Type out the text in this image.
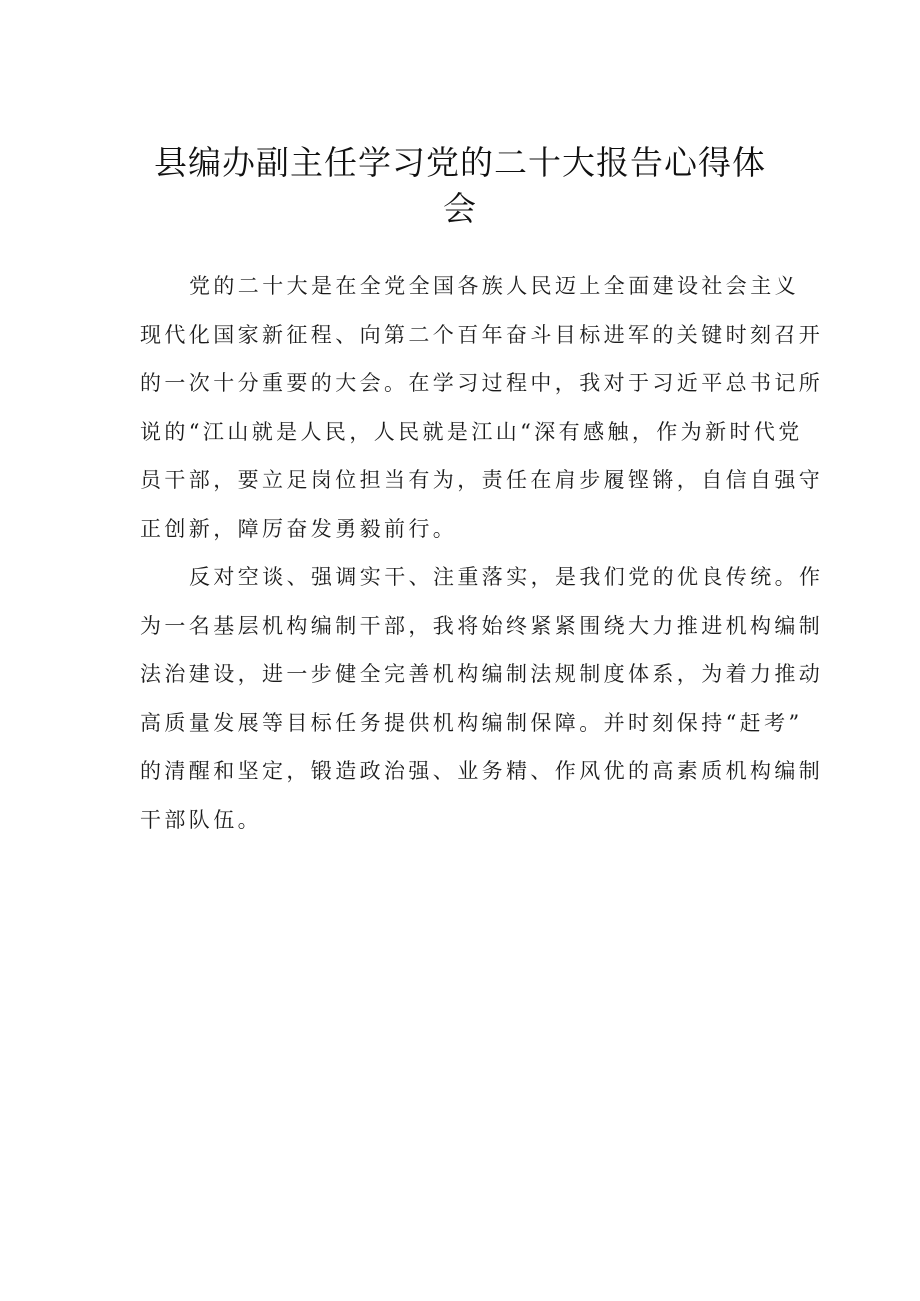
县编办副主任学习党的二十大报告心得体
会

党的二十大是在全党全国各族人民迈上全面建设社会主义
现代化国家新征程、向第二个百年奋斗目标进军的关键时刻召开
的一次十分重要的大会。在学习过程中，我对于习近平总书记所
说的“江山就是人民，人民就是江山“深有感触，作为新时代党
员干部，要立足岗位担当有为，责任在肩步履铿锵，自信自强守
正创新，障厉奋发勇毅前行。

反对空谈、强调实干、注重落实，是我们党的优良传统。作
为一名基层机构编制干部，我将始终紧紧围绕大力推进机构编制
法治建设，进一步健全完善机构编制法规制度体系，为着力推动
高质量发展等目标任务提供机构编制保障。并时刻保持“赶考”
的清醒和坚定，锻造政治强、业务精、作风优的高素质机构编制
干部队伍。
